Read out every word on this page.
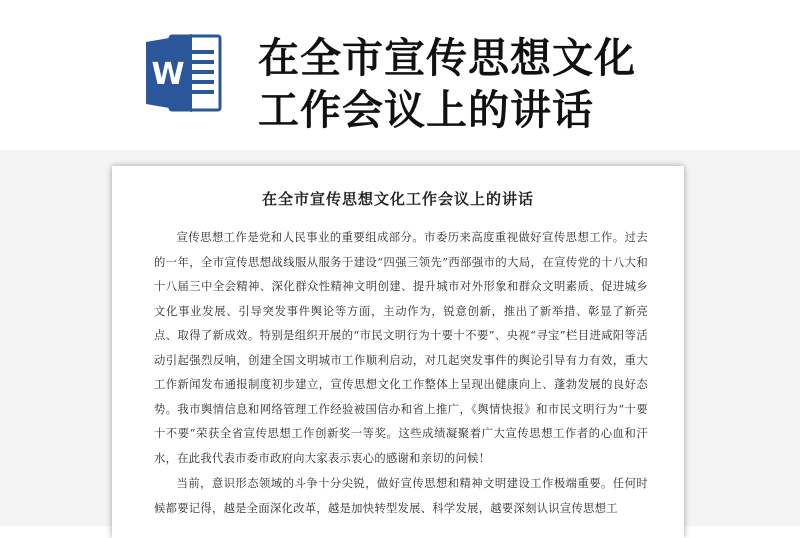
W 在全市宣传思想文化
工作会议上的讲话
在全市宣传思想文化工作会议上的讲话
宣传思想工作是党和人民事业的重要组成部分。市委历来高度重视做好宣传思想工作。过去的一年，全市宣传思想战线服从服务于建设“四强三领先”西部强市的大局，在宣传党的十八大和十八届三中全会精神、深化群众性精神文明创建、提升城市对外形象和群众文明素质、促进城乡文化事业发展、引导突发事件舆论等方面，主动作为，锐意创新，推出了新举措、彰显了新亮点、取得了新成效。特别是组织开展的“市民文明行为十要十不要”、央视“寻宝”栏目进咸阳等活动引起强烈反响，创建全国文明城市工作顺利启动，对几起突发事件的舆论引导有力有效，重大工作新闻发布通报制度初步建立，宣传思想文化工作整体上呈现出健康向上、蓬勃发展的良好态势。我市舆情信息和网络管理工作经验被国信办和省上推广，《舆情快报》和市民文明行为“十要十不要”荣获全省宣传思想工作创新奖一等奖。这些成绩凝聚着广大宣传思想工作者的心血和汗水，在此我代表市委市政府向大家表示衷心的感谢和亲切的问候！
当前，意识形态领域的斗争十分尖锐，做好宣传思想和精神文明建设工作极端重要。任何时候都要记得，越是全面深化改革，越是加快转型发展、科学发展，越要深刻认识宣传思想工
